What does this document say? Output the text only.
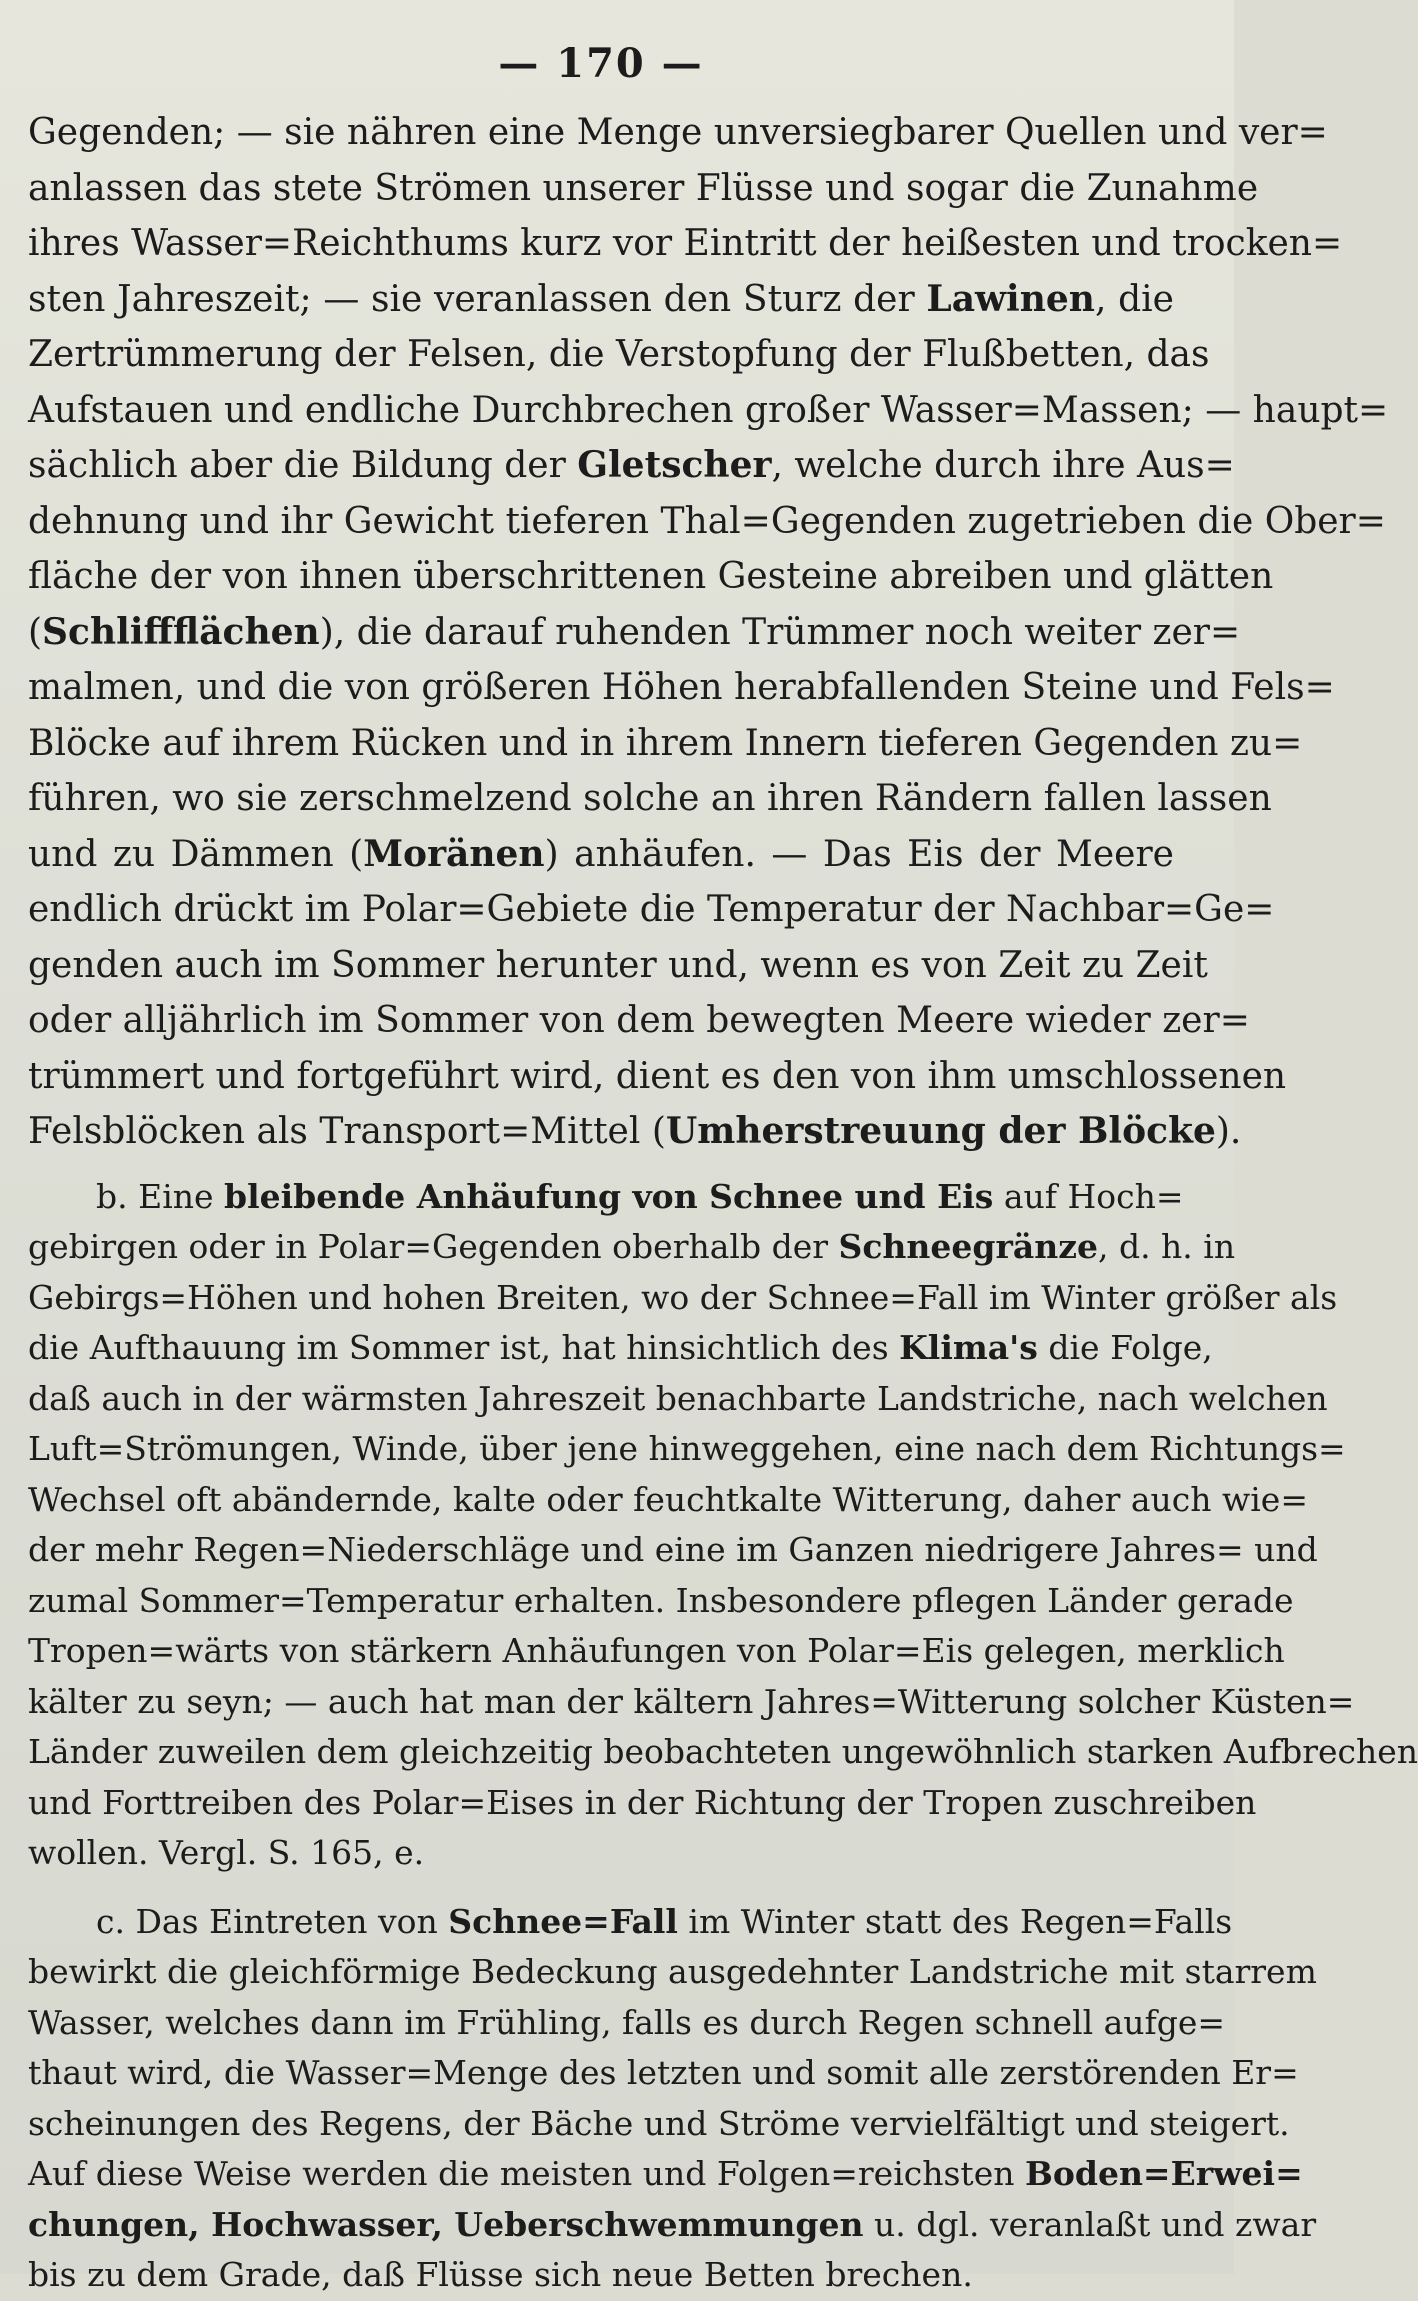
— 170 —
Gegenden; — sie nähren eine Menge unversiegbarer Quellen und ver=
anlassen das stete Strömen unserer Flüsse und sogar die Zunahme
ihres Wasser=Reichthums kurz vor Eintritt der heißesten und trocken=
sten Jahreszeit; — sie veranlassen den Sturz der Lawinen, die
Zertrümmerung der Felsen, die Verstopfung der Flußbetten, das
Aufstauen und endliche Durchbrechen großer Wasser=Massen; — haupt=
sächlich aber die Bildung der Gletscher, welche durch ihre Aus=
dehnung und ihr Gewicht tieferen Thal=Gegenden zugetrieben die Ober=
fläche der von ihnen überschrittenen Gesteine abreiben und glätten
(Schliffflächen), die darauf ruhenden Trümmer noch weiter zer=
malmen, und die von größeren Höhen herabfallenden Steine und Fels=
Blöcke auf ihrem Rücken und in ihrem Innern tieferen Gegenden zu=
führen, wo sie zerschmelzend solche an ihren Rändern fallen lassen
und zu Dämmen (Moränen) anhäufen. — Das Eis der Meere
endlich drückt im Polar=Gebiete die Temperatur der Nachbar=Ge=
genden auch im Sommer herunter und, wenn es von Zeit zu Zeit
oder alljährlich im Sommer von dem bewegten Meere wieder zer=
trümmert und fortgeführt wird, dient es den von ihm umschlossenen
Felsblöcken als Transport=Mittel (Umherstreuung der Blöcke).
b. Eine bleibende Anhäufung von Schnee und Eis auf Hoch=
gebirgen oder in Polar=Gegenden oberhalb der Schneegränze, d. h. in
Gebirgs=Höhen und hohen Breiten, wo der Schnee=Fall im Winter größer als
die Aufthauung im Sommer ist, hat hinsichtlich des Klima's die Folge,
daß auch in der wärmsten Jahreszeit benachbarte Landstriche, nach welchen
Luft=Strömungen, Winde, über jene hinweggehen, eine nach dem Richtungs=
Wechsel oft abändernde, kalte oder feuchtkalte Witterung, daher auch wie=
der mehr Regen=Niederschläge und eine im Ganzen niedrigere Jahres= und
zumal Sommer=Temperatur erhalten. Insbesondere pflegen Länder gerade
Tropen=wärts von stärkern Anhäufungen von Polar=Eis gelegen, merklich
kälter zu seyn; — auch hat man der kältern Jahres=Witterung solcher Küsten=
Länder zuweilen dem gleichzeitig beobachteten ungewöhnlich starken Aufbrechen
und Forttreiben des Polar=Eises in der Richtung der Tropen zuschreiben
wollen. Vergl. S. 165, e.
c. Das Eintreten von Schnee=Fall im Winter statt des Regen=Falls
bewirkt die gleichförmige Bedeckung ausgedehnter Landstriche mit starrem
Wasser, welches dann im Frühling, falls es durch Regen schnell aufge=
thaut wird, die Wasser=Menge des letzten und somit alle zerstörenden Er=
scheinungen des Regens, der Bäche und Ströme vervielfältigt und steigert.
Auf diese Weise werden die meisten und Folgen=reichsten Boden=Erwei=
chungen, Hochwasser, Ueberschwemmungen u. dgl. veranlaßt und zwar
bis zu dem Grade, daß Flüsse sich neue Betten brechen.
